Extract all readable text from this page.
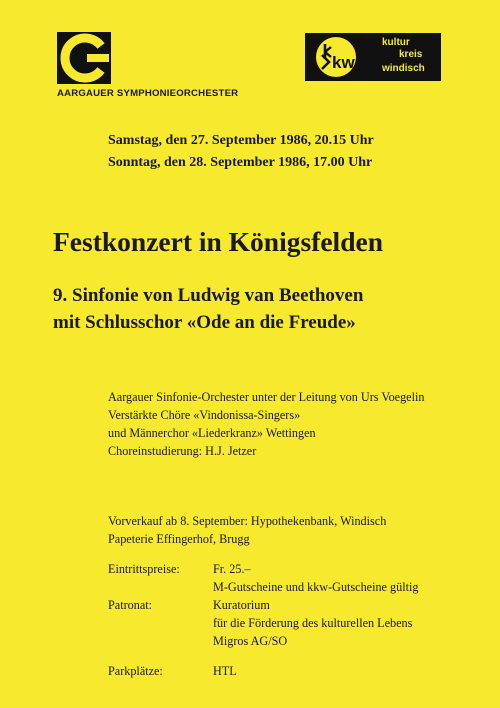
AARGAUER SYMPHONIEORCHESTER
kw
kultur
kreis
windisch
Samstag, den 27. September 1986, 20.15 Uhr
Sonntag, den 28. September 1986, 17.00 Uhr
Festkonzert in Königsfelden
9. Sinfonie von Ludwig van Beethoven
mit Schlusschor «Ode an die Freude»
Aargauer Sinfonie-Orchester unter der Leitung von Urs Voegelin
Verstärkte Chöre «Vindonissa-Singers»
und Männerchor «Liederkranz» Wettingen
Choreinstudierung: H.J. Jetzer
Vorverkauf ab 8. September: Hypothekenbank, Windisch
Papeterie Effingerhof, Brugg
Eintrittspreise:	Fr. 25.–
M-Gutscheine und kkw-Gutscheine gültig
Patronat:	Kuratorium
für die Förderung des kulturellen Lebens
Migros AG/SO
Parkplätze:	HTL
